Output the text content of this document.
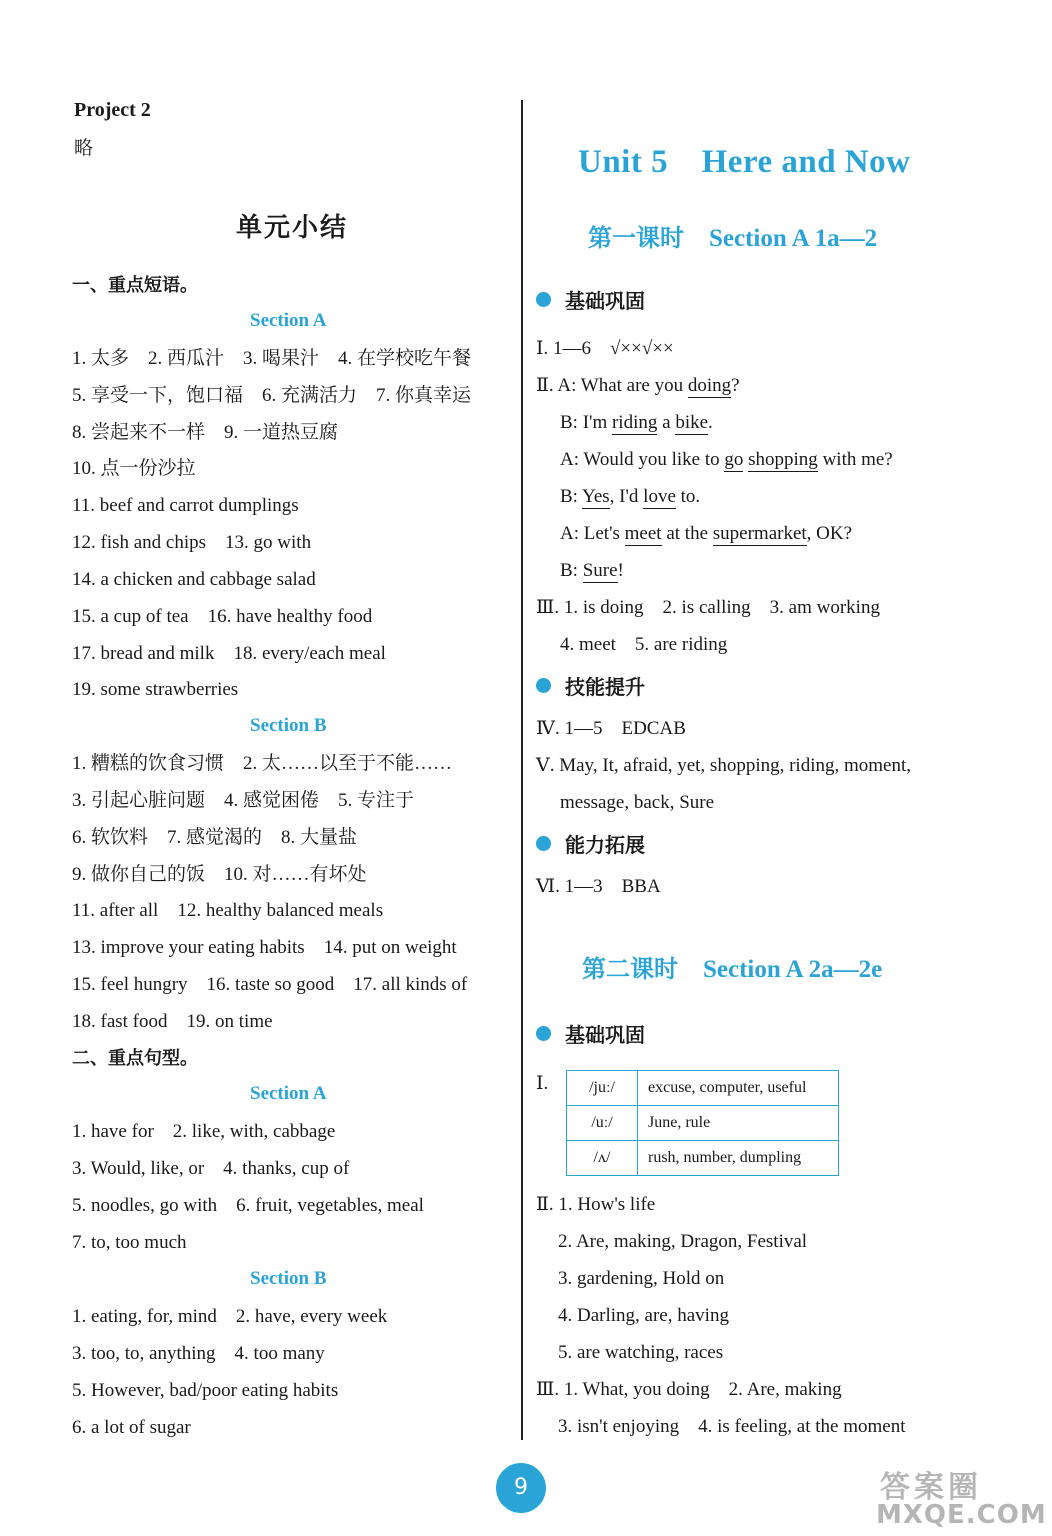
Project 2
略
单元小结
一、重点短语。
Section A
1. 太多　2. 西瓜汁　3. 喝果汁　4. 在学校吃午餐
5. 享受一下，饱口福　6. 充满活力　7. 你真幸运
8. 尝起来不一样　9. 一道热豆腐
10. 点一份沙拉
11. beef and carrot dumplings
12. fish and chips　13. go with
14. a chicken and cabbage salad
15. a cup of tea　16. have healthy food
17. bread and milk　18. every/each meal
19. some strawberries
Section B
1. 糟糕的饮食习惯　2. 太……以至于不能……
3. 引起心脏问题　4. 感觉困倦　5. 专注于
6. 软饮料　7. 感觉渴的　8. 大量盐
9. 做你自己的饭　10. 对……有坏处
11. after all　12. healthy balanced meals
13. improve your eating habits　14. put on weight
15. feel hungry　16. taste so good　17. all kinds of
18. fast food　19. on time
二、重点句型。
Section A
1. have for　2. like, with, cabbage
3. Would, like, or　4. thanks, cup of
5. noodles, go with　6. fruit, vegetables, meal
7. to, too much
Section B
1. eating, for, mind　2. have, every week
3. too, to, anything　4. too many
5. However, bad/poor eating habits
6. a lot of sugar
Unit 5　Here and Now
第一课时　 Section A 1a—2
基础巩固
Ⅰ. 1—6　√××√××
Ⅱ. A: What are you doing?
B: I'm riding a bike.
A: Would you like to go shopping with me?
B: Yes, I'd love to.
A: Let's meet at the supermarket, OK?
B: Sure!
Ⅲ. 1. is doing　2. is calling　3. am working
4. meet　5. are riding
技能提升
Ⅳ. 1—5　EDCAB
Ⅴ. May, It, afraid, yet, shopping, riding, moment,
message, back, Sure
能力拓展
Ⅵ. 1—3　BBA
第二课时　 Section A 2a—2e
基础巩固
Ⅰ.
Ⅱ. 1. How's life
2. Are, making, Dragon, Festival
3. gardening, Hold on
4. Darling, are, having
5. are watching, races
Ⅲ. 1. What, you doing　2. Are, making
3. isn't enjoying　4. is feeling, at the moment
/juː/	excuse, computer, useful
/uː/	June, rule
/ʌ/	rush, number, dumpling
9	答案圈
MXQE.COM
